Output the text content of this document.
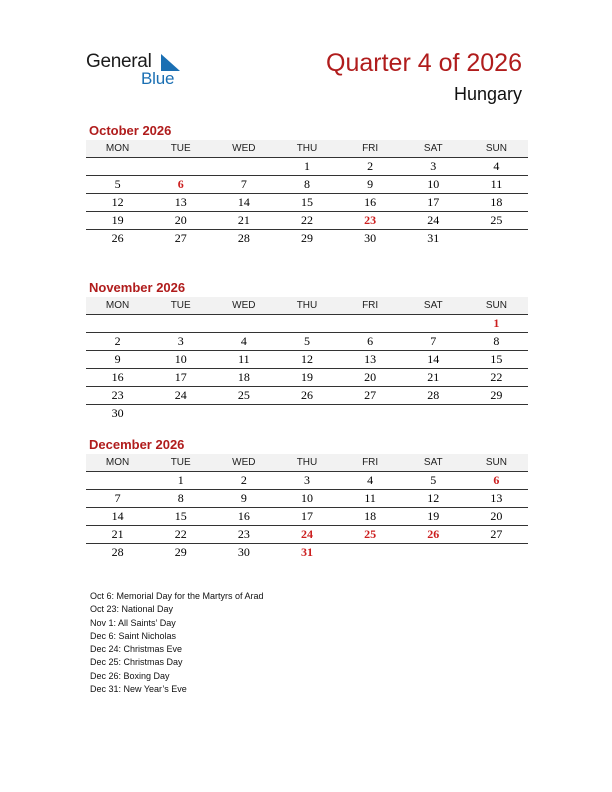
General
Blue
Quarter 4 of 2026
Hungary
October 2026
MON	TUE	WED	THU	FRI	SAT	SUN
			1	2	3	4
5	6	7	8	9	10	11
12	13	14	15	16	17	18
19	20	21	22	23	24	25
26	27	28	29	30	31	
November 2026
MON	TUE	WED	THU	FRI	SAT	SUN
						1
2	3	4	5	6	7	8
9	10	11	12	13	14	15
16	17	18	19	20	21	22
23	24	25	26	27	28	29
30						
December 2026
MON	TUE	WED	THU	FRI	SAT	SUN
	1	2	3	4	5	6
7	8	9	10	11	12	13
14	15	16	17	18	19	20
21	22	23	24	25	26	27
28	29	30	31			
Oct 6: Memorial Day for the Martyrs of Arad
Oct 23: National Day
Nov 1: All Saints’ Day
Dec 6: Saint Nicholas
Dec 24: Christmas Eve
Dec 25: Christmas Day
Dec 26: Boxing Day
Dec 31: New Year’s Eve
